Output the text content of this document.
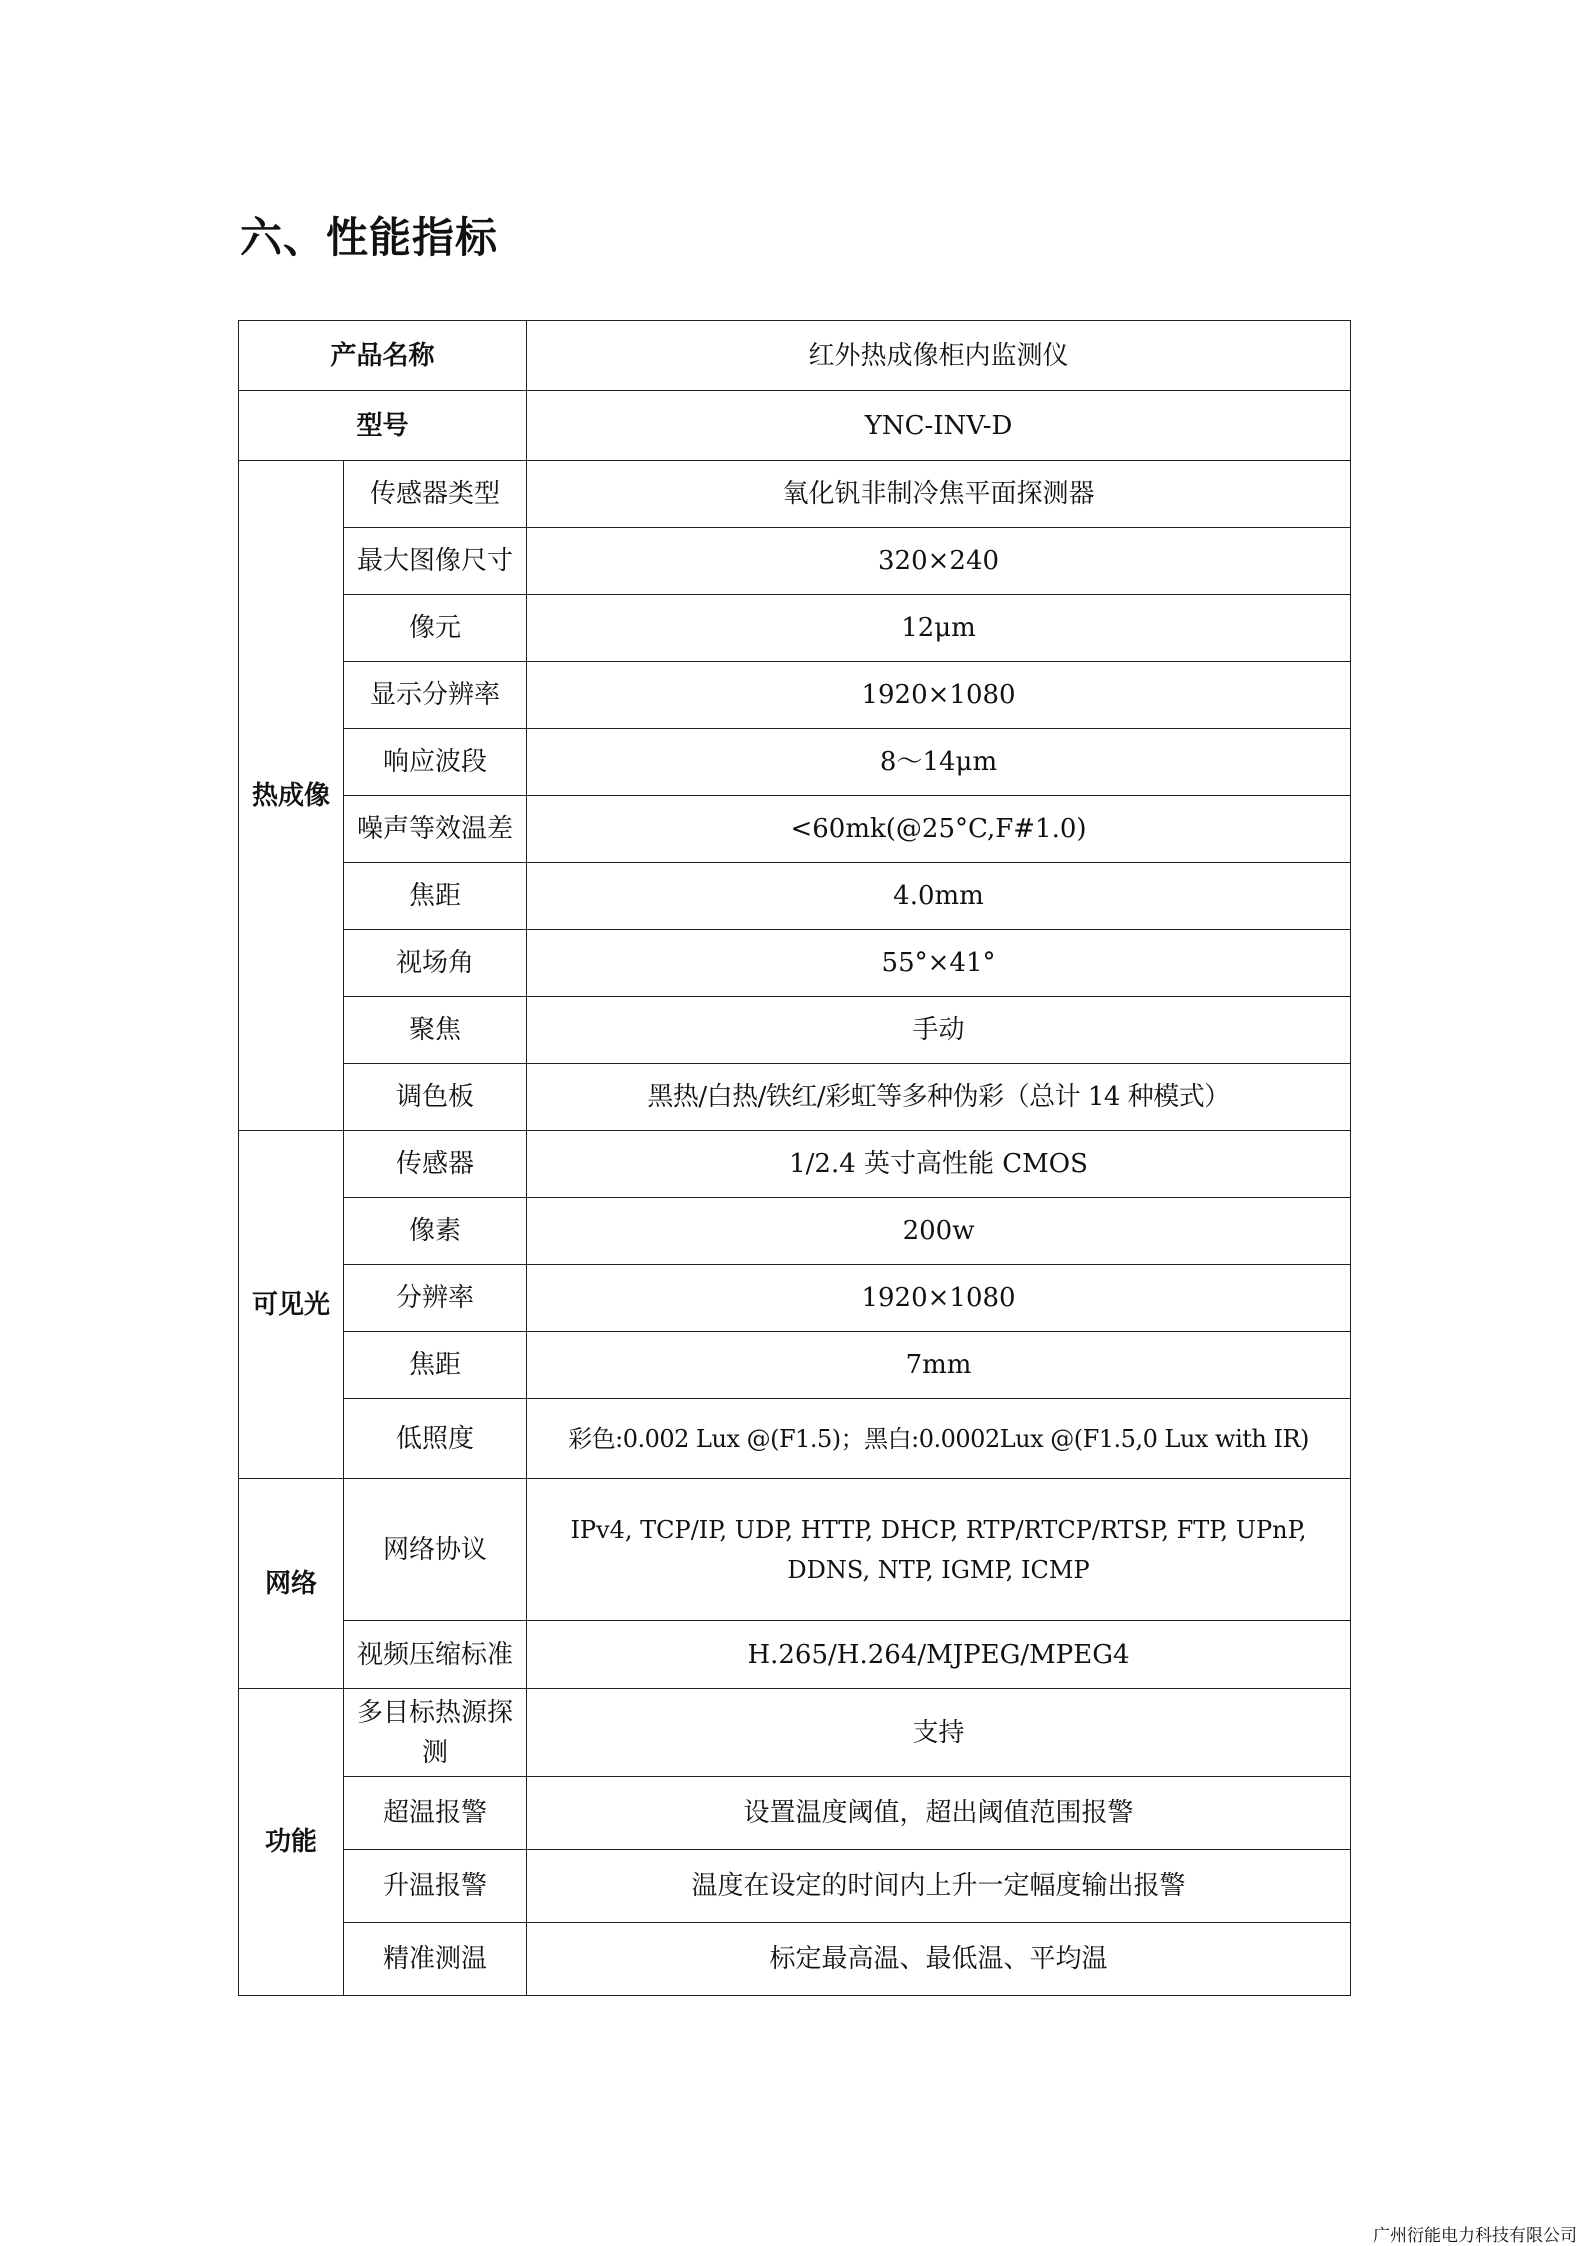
六、性能指标
产品名称		红外热成像柜内监测仪
型号		YNC-INV-D
热成像	传感器类型	氧化钒非制冷焦平面探测器
	最大图像尺寸	320×240
	像元	12μm
	显示分辨率	1920×1080
	响应波段	8～14μm
	噪声等效温差	<60mk(@25°C,F#1.0)
	焦距	4.0mm
	视场角	55°×41°
	聚焦	手动
	调色板	黑热/白热/铁红/彩虹等多种伪彩（总计 14 种模式）
可见光	传感器	1/2.4 英寸高性能 CMOS
	像素	200w
	分辨率	1920×1080
	焦距	7mm
	低照度	彩色:0.002 Lux @(F1.5)；黑白:0.0002Lux @(F1.5,0 Lux with IR)
网络	网络协议	IPv4, TCP/IP, UDP, HTTP, DHCP, RTP/RTCP/RTSP, FTP, UPnP, DDNS, NTP, IGMP, ICMP
	视频压缩标准	H.265/H.264/MJPEG/MPEG4
功能	多目标热源探测	支持
	超温报警	设置温度阈值，超出阈值范围报警
	升温报警	温度在设定的时间内上升一定幅度输出报警
	精准测温	标定最高温、最低温、平均温
广州衍能电力科技有限公司
